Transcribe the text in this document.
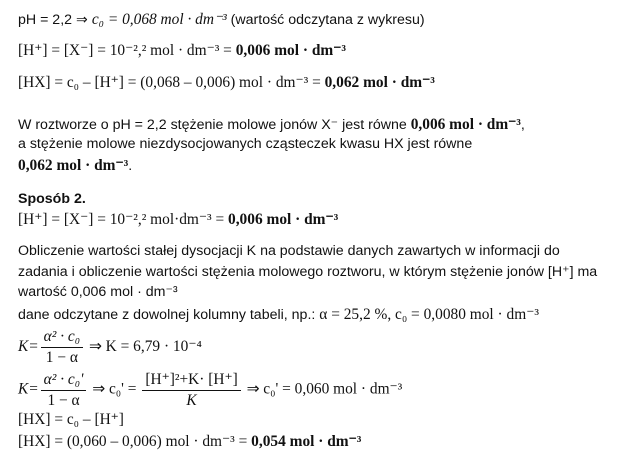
pH = 2,2 ⇒ c₀ = 0,068 mol · dm⁻³ (wartość odczytana z wykresu)
[H⁺] = [X⁻] = 10⁻²,² mol · dm⁻³ = 0,006 mol · dm⁻³
[HX] = c₀ – [H⁺] = (0,068 – 0,006) mol · dm⁻³ = 0,062 mol · dm⁻³
W roztworze o pH = 2,2 stężenie molowe jonów X⁻ jest równe 0,006 mol · dm⁻³,
a stężenie molowe niezdysocjowanych cząsteczek kwasu HX jest równe
0,062 mol · dm⁻³.
Sposób 2.
[H⁺] = [X⁻] = 10⁻²,² mol·dm⁻³ = 0,006 mol · dm⁻³
Obliczenie wartości stałej dysocjacji K na podstawie danych zawartych w informacji do
zadania i obliczenie wartości stężenia molowego roztworu, w którym stężenie jonów [H⁺] ma
wartość 0,006 mol · dm⁻³
dane odczytane z dowolnej kolumny tabeli, np.: α = 25,2 %, c₀ = 0,0080 mol · dm⁻³
$K= \frac{\text{α² · c₀}}{1 - \alpha}$ ⇒ K = 6,79 · 10⁻⁴
$K= \frac{\text{α² · c₀'}}{1 - \alpha}$ ⇒ $c_0' = \frac{\text{[H⁺]²+K· [H⁺]}}{K}$ ⇒ c₀' = 0,060 mol · dm⁻³
[HX] = c₀ – [H⁺]
[HX] = (0,060 – 0,006) mol · dm⁻³ = 0,054 mol · dm⁻³
